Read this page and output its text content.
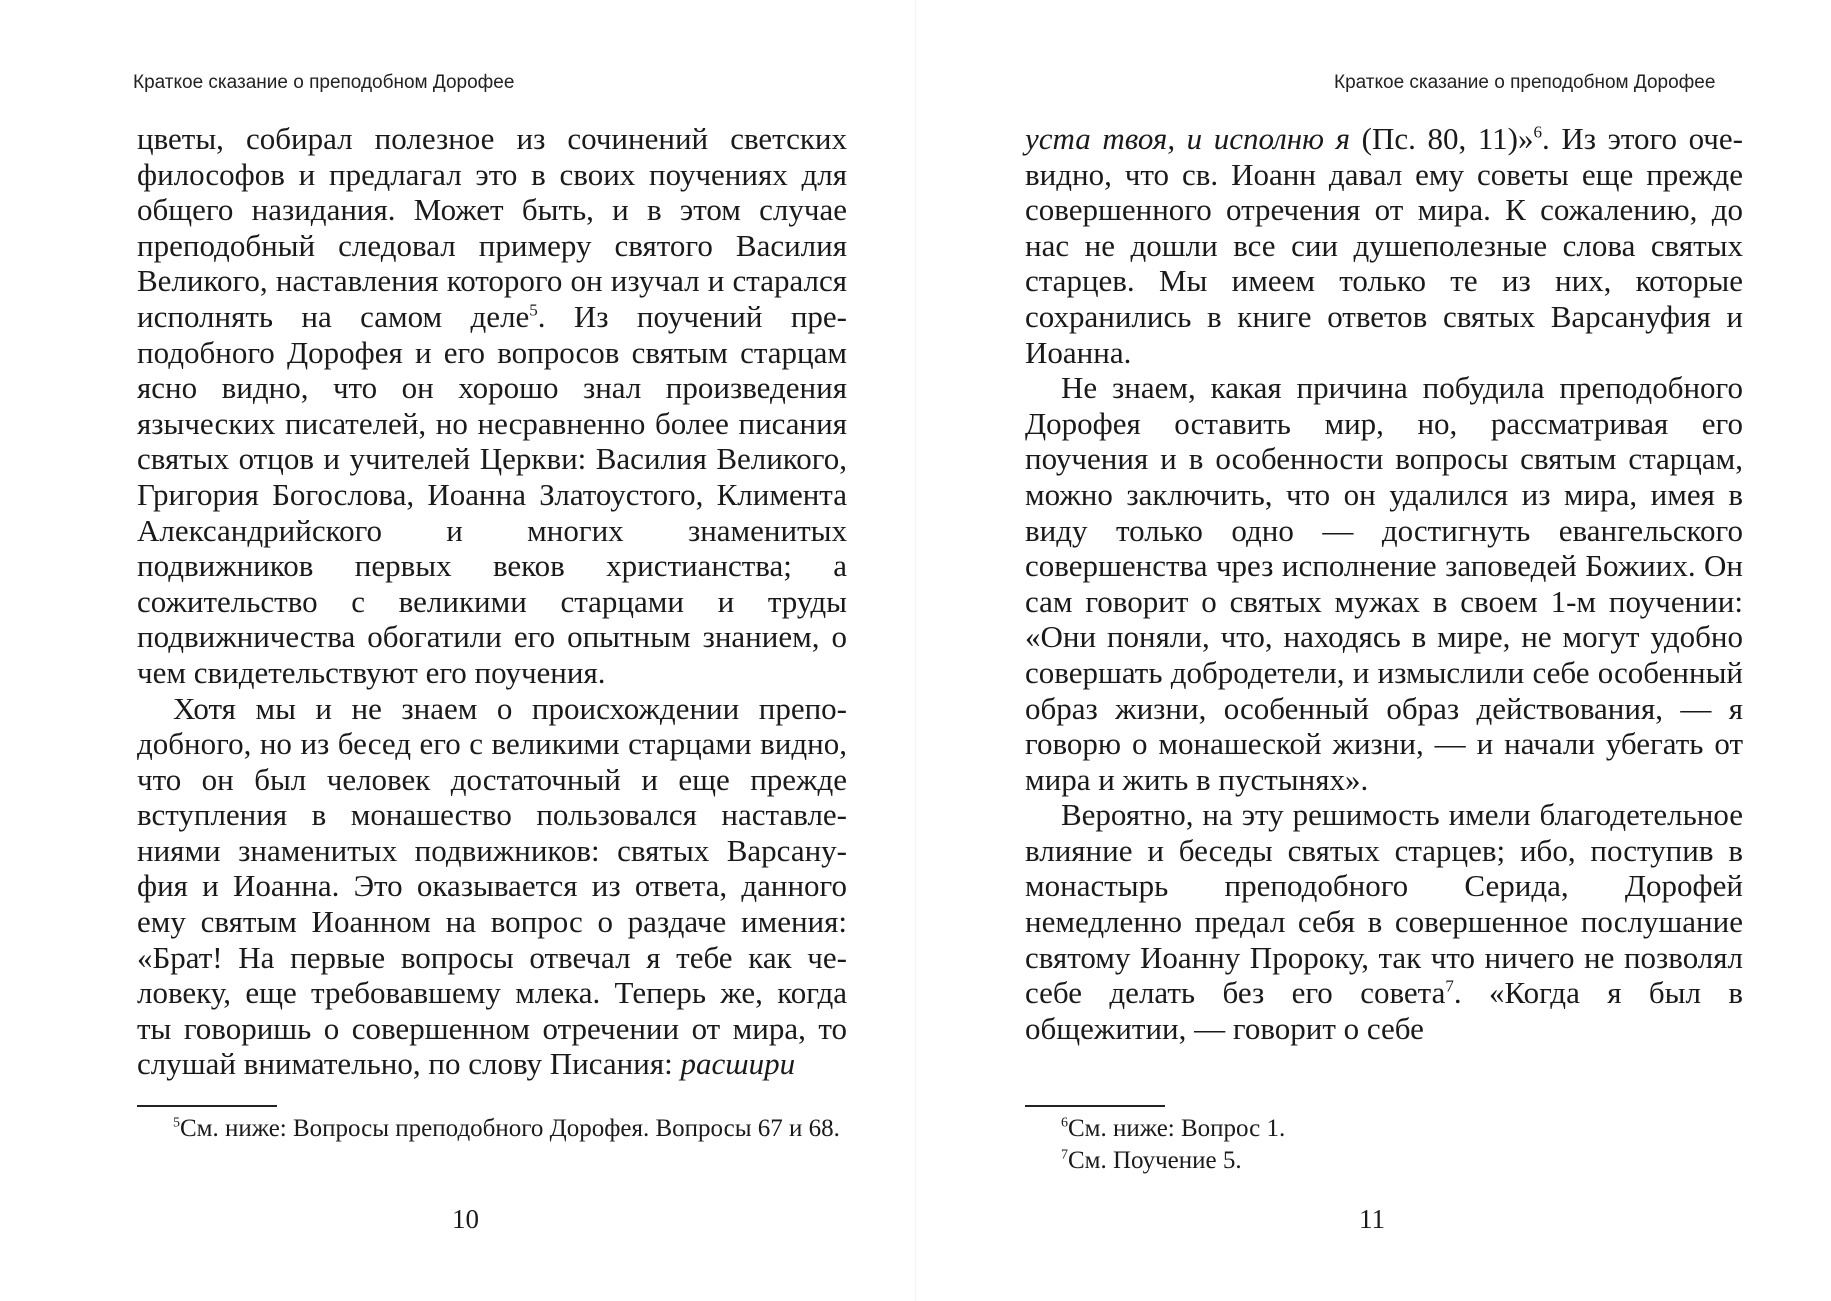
Краткое сказание о преподобном Дорофее

цветы, собирал полезное из сочинений светских философов и предлагал это в своих поучениях для общего назидания. Может быть, и в этом случае преподобный следовал примеру святого Василия Великого, наставления которого он изучал и старался исполнять на самом деле$^5$. Из поучений преподобного Дорофея и его вопросов святым старцам ясно видно, что он хорошо знал произведения языческих писателей, но несравненно более писания святых отцов и учителей Церкви: Василия Великого, Григория Богослова, Иоанна Златоустого, Климента Александрийского и многих знаменитых подвижников первых веков христианства; а сожительство с великими старцами и труды подвижничества обогатили его опытным знанием, о чем свидетельствуют его поучения.

Хотя мы и не знаем о происхождении преподобного, но из бесед его с великими старцами видно, что он был человек достаточный и еще прежде вступления в монашество пользовался наставлениями знаменитых подвижников: святых Варсануфия и Иоанна. Это оказывается из ответа, данного ему святым Иоанном на вопрос о раздаче имения: «Брат! На первые вопросы отвечал я тебе как человеку, еще требовавшему млека. Теперь же, когда ты говоришь о совершенном отречении от мира, то слушай внимательно, по слову Писания: расшири

$^5$См. ниже: Вопросы преподобного Дорофея. Вопросы 67 и 68.

10
Краткое сказание о преподобном Дорофее

уста твоя, и исполню я (Пс. 80, 11)»$^6$. Из этого очевидно, что св. Иоанн давал ему советы еще прежде совершенного отречения от мира. К сожалению, до нас не дошли все сии душеполезные слова святых старцев. Мы имеем только те из них, которые сохранились в книге ответов святых Варсануфия и Иоанна.

Не знаем, какая причина побудила преподобного Дорофея оставить мир, но, рассматривая его поучения и в особенности вопросы святым старцам, можно заключить, что он удалился из мира, имея в виду только одно — достигнуть евангельского совершенства чрез исполнение заповедей Божиих. Он сам говорит о святых мужах в своем 1-м поучении: «Они поняли, что, находясь в мире, не могут удобно совершать добродетели, и измыслили себе особенный образ жизни, особенный образ действования, — я говорю о монашеской жизни, — и начали убегать от мира и жить в пустынях».

Вероятно, на эту решимость имели благодетельное влияние и беседы святых старцев; ибо, поступив в монастырь преподобного Серида, Дорофей немедленно предал себя в совершенное послушание святому Иоанну Пророку, так что ничего не позволял себе делать без его совета$^7$. «Когда я был в общежитии, — говорит о себе

$^6$См. ниже: Вопрос 1.

$^7$См. Поучение 5.

11
